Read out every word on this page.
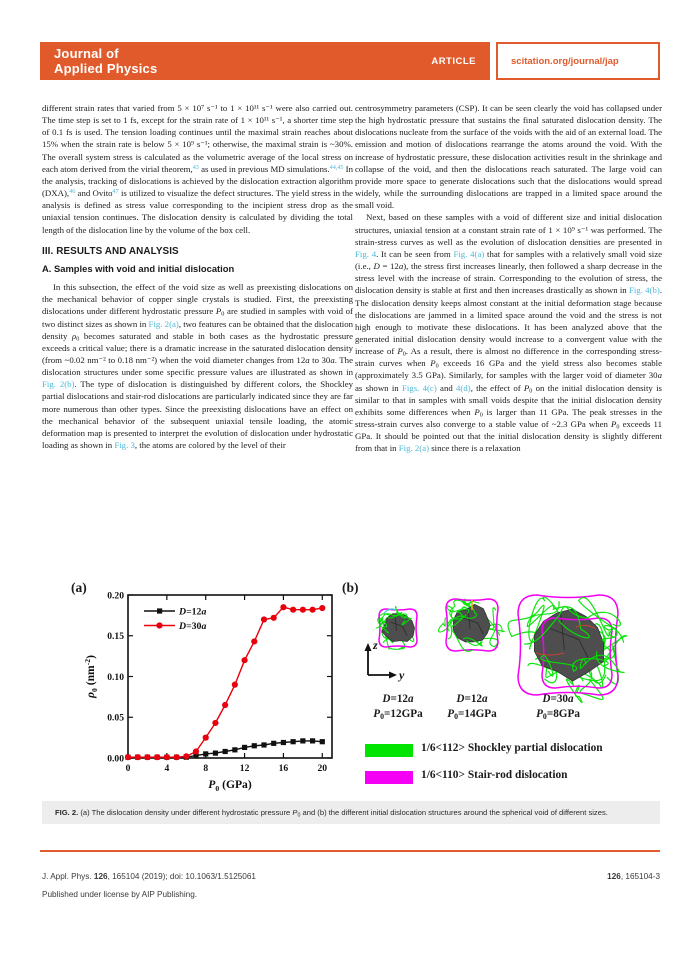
Journal of
Applied Physics	ARTICLE	scitation.org/journal/jap

different strain rates that varied from 5 × 10⁷ s⁻¹ to 1 × 10¹¹ s⁻¹ were also carried out. The time step is set to 1 fs, except for the strain rate of 1 × 10¹¹ s⁻¹, a shorter time step of 0.1 fs is used. The tension loading continues until the maximal strain reaches about 15% when the strain rate is below 5 × 10⁹ s⁻¹; otherwise, the maximal strain is ~30%. The overall system stress is calculated as the volumetric average of the local stress on each atom derived from the virial theorem,$^{43}$ as used in previous MD simulations.$^{44,45}$ In the analysis, tracking of dislocations is achieved by the dislocation extraction algorithm (DXA),$^{46}$ and Ovito$^{47}$ is utilized to visualize the defect structures. The yield stress in the analysis is defined as stress value corresponding to the incipient stress drop as the uniaxial tension continues. The dislocation density is calculated by dividing the total length of the dislocation line by the volume of the box cell.

III. RESULTS AND ANALYSIS
A. Samples with void and initial dislocation

In this subsection, the effect of the void size as well as preexisting dislocations on the mechanical behavior of copper single crystals is studied. First, the preexisting dislocations under different hydrostatic pressure P0 are studied in samples with void of two distinct sizes as shown in Fig. 2(a), two features can be obtained that the dislocation density ρ0 becomes saturated and stable in both cases as the hydrostatic pressure exceeds a critical value; there is a dramatic increase in the saturated dislocation density (from ~0.02 nm⁻² to 0.18 nm⁻²) when the void diameter changes from 12a to 30a. The dislocation structures under some specific pressure values are illustrated as shown in Fig. 2(b). The type of dislocation is distinguished by different colors, the Shockley partial dislocations and stair-rod dislocations are particularly indicated since they are far more numerous than other types. Since the preexisting dislocations have an effect on the mechanical behavior of the subsequent uniaxial tensile loading, the atomic deformation map is presented to interpret the evolution of dislocation under hydrostatic loading as shown in Fig. 3, the atoms are colored by the level of their

centrosymmetry parameters (CSP). It can be seen clearly the void has collapsed under the high hydrostatic pressure that sustains the final saturated dislocation density. The dislocations nucleate from the surface of the voids with the aid of an external load. The emission and motion of dislocations rearrange the atoms around the void. With the increase of hydrostatic pressure, these dislocation activities result in the shrinkage and collapse of the void, and then the dislocations reach saturated. The large void can provide more space to generate dislocations such that the dislocations would spread widely, while the surrounding dislocations are trapped in a limited space around the small void.

Next, based on these samples with a void of different size and initial dislocation structures, uniaxial tension at a constant strain rate of 1 × 10⁹ s⁻¹ was performed. The strain-stress curves as well as the evolution of dislocation densities are presented in Fig. 4. It can be seen from Fig. 4(a) that for samples with a relatively small void size (i.e., D = 12a), the stress first increases linearly, then followed a sharp decrease in the stress level with the increase of strain. Corresponding to the evolution of stress, the dislocation density is stable at first and then increases drastically as shown in Fig. 4(b). The dislocation density keeps almost constant at the initial deformation stage because the dislocations are jammed in a limited space around the void and the stress is not high enough to motivate these dislocations. It has been analyzed above that the generated initial dislocation density would increase to a convergent value with the increase of P0. As a result, there is almost no difference in the corresponding stress-strain curves when P0 exceeds 16 GPa and the yield stress also becomes stable (approximately 3.5 GPa). Similarly, for samples with the larger void of diameter 30a as shown in Figs. 4(c) and 4(d), the effect of P0 on the initial dislocation density is similar to that in samples with small voids despite that the initial dislocation density exhibits some differences when P0 is larger than 11 GPa. The peak stresses in the stress-strain curves also converge to a stable value of ~2.3 GPa when P0 exceeds 11 GPa. It should be pointed out that the initial dislocation density is slightly different from that in Fig. 2(a) since there is a relaxation

(a)
0	4	8	12	16	20
0.00
0.05
0.10
0.15
0.20
D=12a
D=30a
$P_0$ (GPa)
$\rho_0$ $(nm^{-2})$
(b)
z
y
D=12a
P0=12GPa
D=12a
P0=14GPa
D=30a
P0=8GPa
1/6<112> Shockley partial dislocation
1/6<110> Stair-rod dislocation
FIG. 2. (a) The dislocation density under different hydrostatic pressure P0 and (b) the different initial dislocation structures around the spherical void of different sizes.
J. Appl. Phys. 126, 165104 (2019); doi: 10.1063/1.5125061	126, 165104-3
Published under license by AIP Publishing.
